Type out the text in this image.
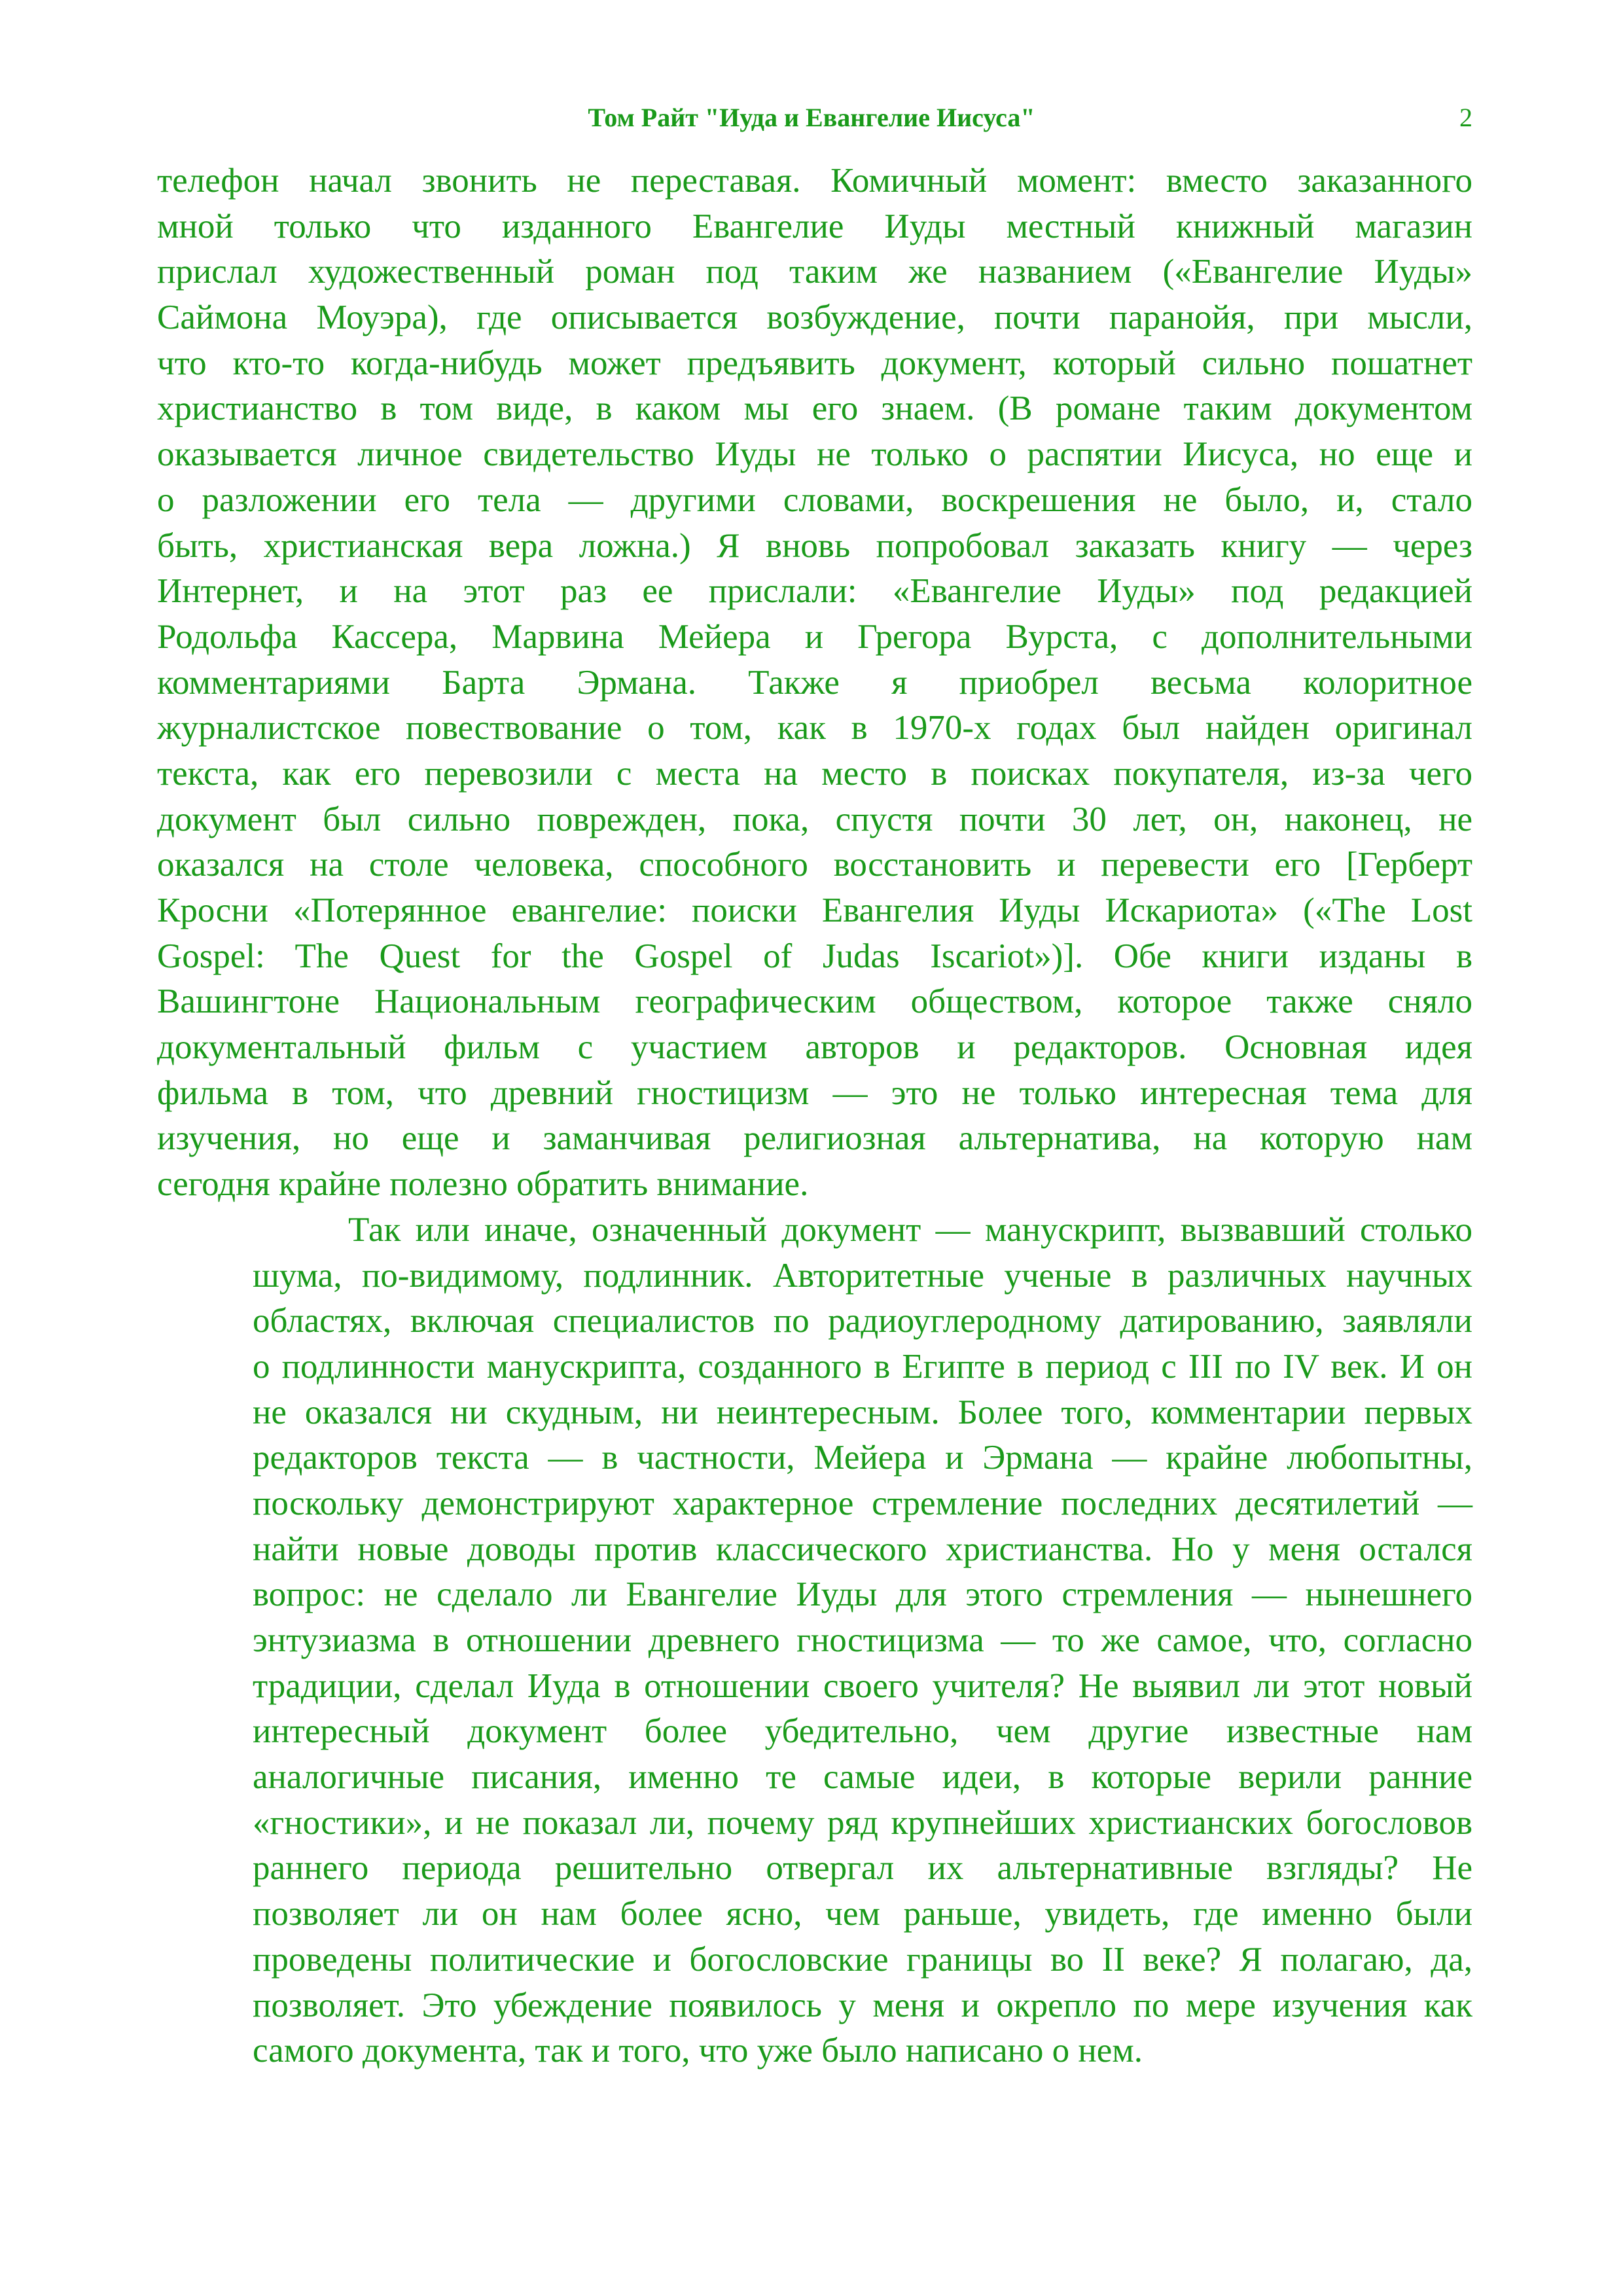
Том Райт "Иуда и Евангелие Иисуса"	2

телефон начал звонить не переставая. Комичный момент: вместо заказанного
мной только что изданного Евангелие Иуды местный книжный магазин
прислал художественный роман под таким же названием («Евангелие Иуды»
Саймона Моуэра), где описывается возбуждение, почти паранойя, при мысли,
что кто-то когда-нибудь может предъявить документ, который сильно пошатнет
христианство в том виде, в каком мы его знаем. (В романе таким документом
оказывается личное свидетельство Иуды не только о распятии Иисуса, но еще и
о разложении его тела — другими словами, воскрешения не было, и, стало
быть, христианская вера ложна.) Я вновь попробовал заказать книгу — через
Интернет, и на этот раз ее прислали: «Евангелие Иуды» под редакцией
Родольфа Кассера, Марвина Мейера и Грегора Вурста, с дополнительными
комментариями Барта Эрмана. Также я приобрел весьма колоритное
журналистское повествование о том, как в 1970-х годах был найден оригинал
текста, как его перевозили с места на место в поисках покупателя, из-за чего
документ был сильно поврежден, пока, спустя почти 30 лет, он, наконец, не
оказался на столе человека, способного восстановить и перевести его [Герберт
Кросни «Потерянное евангелие: поиски Евангелия Иуды Искариота» («The Lost
Gospel: The Quest for the Gospel of Judas Iscariot»)]. Обе книги изданы в
Вашингтоне Национальным географическим обществом, которое также сняло
документальный фильм с участием авторов и редакторов. Основная идея
фильма в том, что древний гностицизм — это не только интересная тема для
изучения, но еще и заманчивая религиозная альтернатива, на которую нам
сегодня крайне полезно обратить внимание.

Так или иначе, означенный документ — манускрипт, вызвавший столько
шума, по-видимому, подлинник. Авторитетные ученые в различных научных
областях, включая специалистов по радиоуглеродному датированию, заявляли
о подлинности манускрипта, созданного в Египте в период с III по IV век. И он
не оказался ни скудным, ни неинтересным. Более того, комментарии первых
редакторов текста — в частности, Мейера и Эрмана — крайне любопытны,
поскольку демонстрируют характерное стремление последних десятилетий —
найти новые доводы против классического христианства. Но у меня остался
вопрос: не сделало ли Евангелие Иуды для этого стремления — нынешнего
энтузиазма в отношении древнего гностицизма — то же самое, что, согласно
традиции, сделал Иуда в отношении своего учителя? Не выявил ли этот новый
интересный документ более убедительно, чем другие известные нам
аналогичные писания, именно те самые идеи, в которые верили ранние
«гностики», и не показал ли, почему ряд крупнейших христианских богословов
раннего периода решительно отвергал их альтернативные взгляды? Не
позволяет ли он нам более ясно, чем раньше, увидеть, где именно были
проведены политические и богословские границы во II веке? Я полагаю, да,
позволяет. Это убеждение появилось у меня и окрепло по мере изучения как
самого документа, так и того, что уже было написано о нем.
